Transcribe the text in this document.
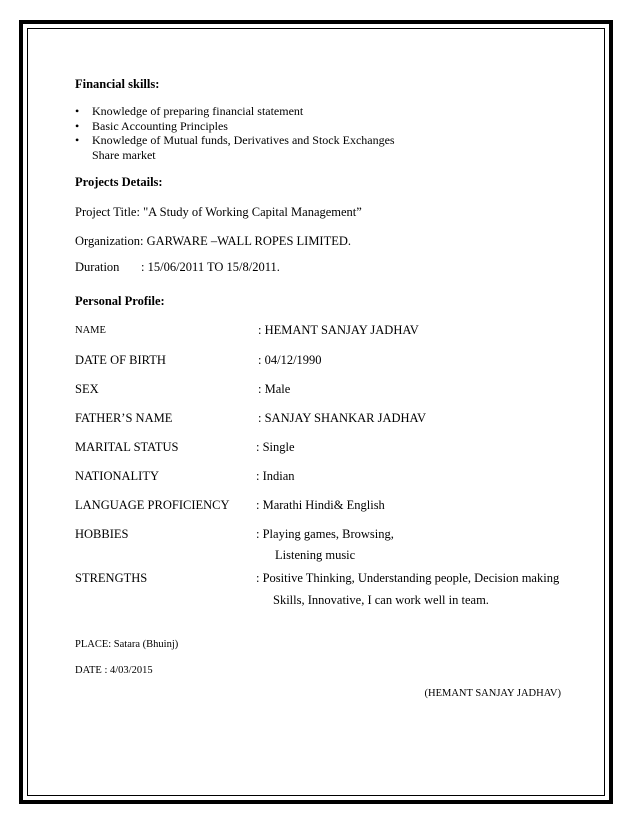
Financial skills:
• Knowledge of preparing financial statement
• Basic Accounting Principles
• Knowledge of Mutual funds, Derivatives and Stock Exchanges
Share market
Projects Details:
Project Title: "A Study of Working Capital Management”
Organization: GARWARE –WALL ROPES LIMITED.
Duration : 15/06/2011 TO 15/8/2011.
Personal Profile:
NAME	: HEMANT SANJAY JADHAV
DATE OF BIRTH	: 04/12/1990
SEX	: Male
FATHER’S NAME	: SANJAY SHANKAR JADHAV
MARITAL STATUS	: Single
NATIONALITY	: Indian
LANGUAGE PROFICIENCY : Marathi Hindi& English
HOBBIES	: Playing games, Browsing,
Listening music
STRENGTHS	: Positive Thinking, Understanding people, Decision making
Skills, Innovative, I can work well in team.
PLACE: Satara (Bhuinj)
DATE : 4/03/2015
(HEMANT SANJAY JADHAV)
